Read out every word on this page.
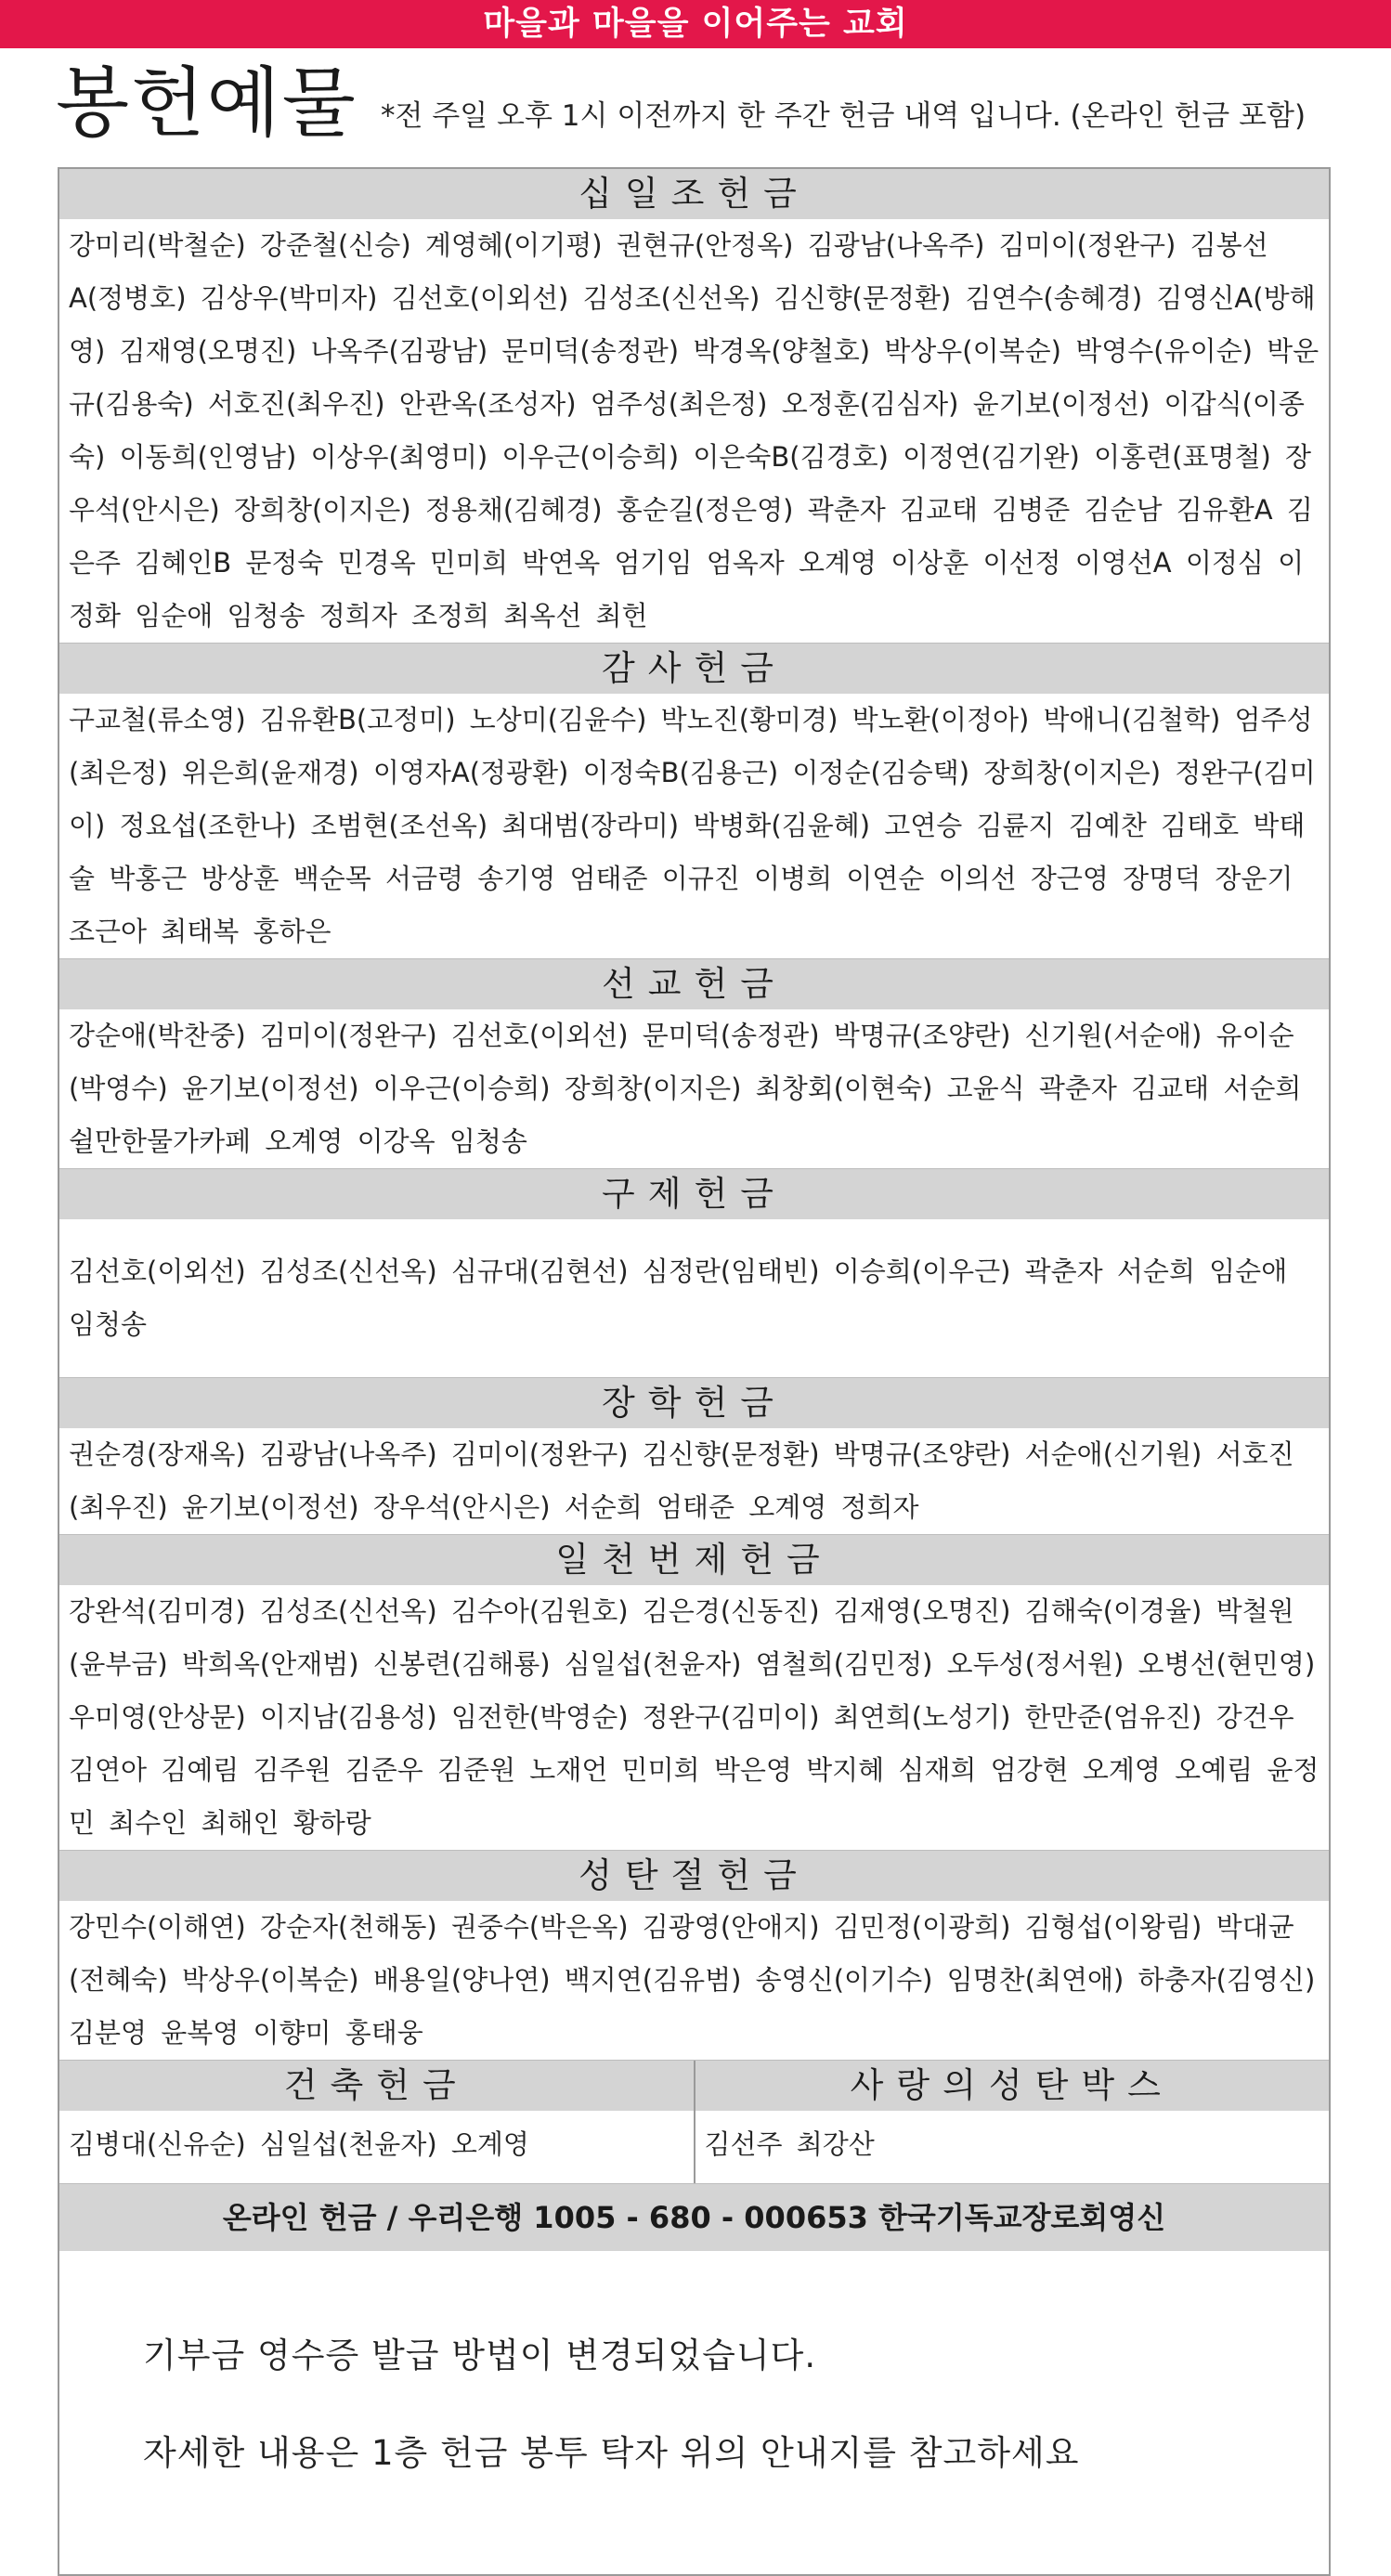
마을과 마을을 이어주는 교회
봉헌예물 *전 주일 오후 1시 이전까지 한 주간 헌금 내역 입니다. (온라인 헌금 포함)
십일조헌금
강미리(박철순) 강준철(신승) 계영혜(이기평) 권현규(안정옥) 김광남(나옥주) 김미이(정완구) 김봉선A(정병호) 김상우(박미자) 김선호(이외선) 김성조(신선옥) 김신향(문정환) 김연수(송혜경) 김영신A(방해영) 김재영(오명진) 나옥주(김광남) 문미덕(송정관) 박경옥(양철호) 박상우(이복순) 박영수(유이순) 박운규(김용숙) 서호진(최우진) 안관옥(조성자) 엄주성(최은정) 오정훈(김심자) 윤기보(이정선) 이갑식(이종숙) 이동희(인영남) 이상우(최영미) 이우근(이승희) 이은숙B(김경호) 이정연(김기완) 이홍련(표명철) 장우석(안시은) 장희창(이지은) 정용채(김혜경) 홍순길(정은영) 곽춘자 김교태 김병준 김순남 김유환A 김은주 김혜인B 문정숙 민경옥 민미희 박연옥 엄기임 엄옥자 오계영 이상훈 이선정 이영선A 이정심 이정화 임순애 임청송 정희자 조정희 최옥선 최헌
감사헌금
구교철(류소영) 김유환B(고정미) 노상미(김윤수) 박노진(황미경) 박노환(이정아) 박애니(김철학) 엄주성(최은정) 위은희(윤재경) 이영자A(정광환) 이정숙B(김용근) 이정순(김승택) 장희창(이지은) 정완구(김미이) 정요섭(조한나) 조범현(조선옥) 최대범(장라미) 박병화(김윤혜) 고연승 김륜지 김예찬 김태호 박태술 박홍근 방상훈 백순목 서금령 송기영 엄태준 이규진 이병희 이연순 이의선 장근영 장명덕 장운기 조근아 최태복 홍하은
선교헌금
강순애(박찬중) 김미이(정완구) 김선호(이외선) 문미덕(송정관) 박명규(조양란) 신기원(서순애) 유이순(박영수) 윤기보(이정선) 이우근(이승희) 장희창(이지은) 최창회(이현숙) 고윤식 곽춘자 김교태 서순희 쉴만한물가카페 오계영 이강옥 임청송
구제헌금
김선호(이외선) 김성조(신선옥) 심규대(김현선) 심정란(임태빈) 이승희(이우근) 곽춘자 서순희 임순애 임청송
장학헌금
권순경(장재옥) 김광남(나옥주) 김미이(정완구) 김신향(문정환) 박명규(조양란) 서순애(신기원) 서호진(최우진) 윤기보(이정선) 장우석(안시은) 서순희 엄태준 오계영 정희자
일천번제헌금
강완석(김미경) 김성조(신선옥) 김수아(김원호) 김은경(신동진) 김재영(오명진) 김해숙(이경율) 박철원(윤부금) 박희옥(안재범) 신봉련(김해룡) 심일섭(천윤자) 염철희(김민정) 오두성(정서원) 오병선(현민영) 우미영(안상문) 이지남(김용성) 임전한(박영순) 정완구(김미이) 최연희(노성기) 한만준(엄유진) 강건우 김연아 김예림 김주원 김준우 김준원 노재언 민미희 박은영 박지혜 심재희 엄강현 오계영 오예림 윤정민 최수인 최해인 황하랑
성탄절헌금
강민수(이해연) 강순자(천해동) 권중수(박은옥) 김광영(안애지) 김민정(이광희) 김형섭(이왕림) 박대균(전혜숙) 박상우(이복순) 배용일(양나연) 백지연(김유범) 송영신(이기수) 임명찬(최연애) 하충자(김영신) 김분영 윤복영 이향미 홍태웅
건축헌금
김병대(신유순) 심일섭(천윤자) 오계영
사랑의성탄박스
김선주 최강산
온라인 헌금 / 우리은행 1005 - 680 - 000653 한국기독교장로회영신
기부금 영수증 발급 방법이 변경되었습니다.
자세한 내용은 1층 헌금 봉투 탁자 위의 안내지를 참고하세요
